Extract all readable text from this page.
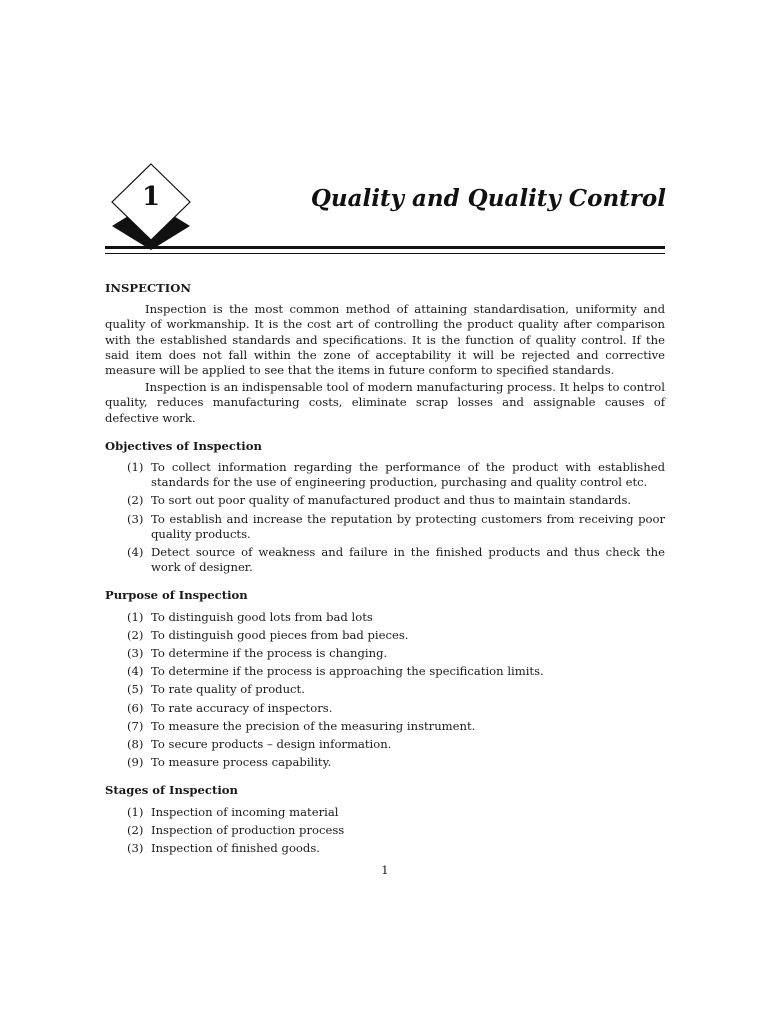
1	Quality and Quality Control
INSPECTION

Inspection is the most common method of attaining standardisation, uniformity and quality of workmanship. It is the cost art of controlling the product quality after comparison with the established standards and specifications. It is the function of quality control. If the said item does not fall within the zone of acceptability it will be rejected and corrective measure will be applied to see that the items in future conform to specified standards.

Inspection is an indispensable tool of modern manufacturing process. It helps to control quality, reduces manufacturing costs, eliminate scrap losses and assignable causes of defective work.

Objectives of Inspection
(1) To collect information regarding the performance of the product with established standards for the use of engineering production, purchasing and quality control etc.
(2) To sort out poor quality of manufactured product and thus to maintain standards.
(3) To establish and increase the reputation by protecting customers from receiving poor quality products.
(4) Detect source of weakness and failure in the finished products and thus check the work of designer.
Purpose of Inspection
(1) To distinguish good lots from bad lots
(2) To distinguish good pieces from bad pieces.
(3) To determine if the process is changing.
(4) To determine if the process is approaching the specification limits.
(5) To rate quality of product.
(6) To rate accuracy of inspectors.
(7) To measure the precision of the measuring instrument.
(8) To secure products – design information.
(9) To measure process capability.
Stages of Inspection
(1) Inspection of incoming material
(2) Inspection of production process
(3) Inspection of finished goods.
1
